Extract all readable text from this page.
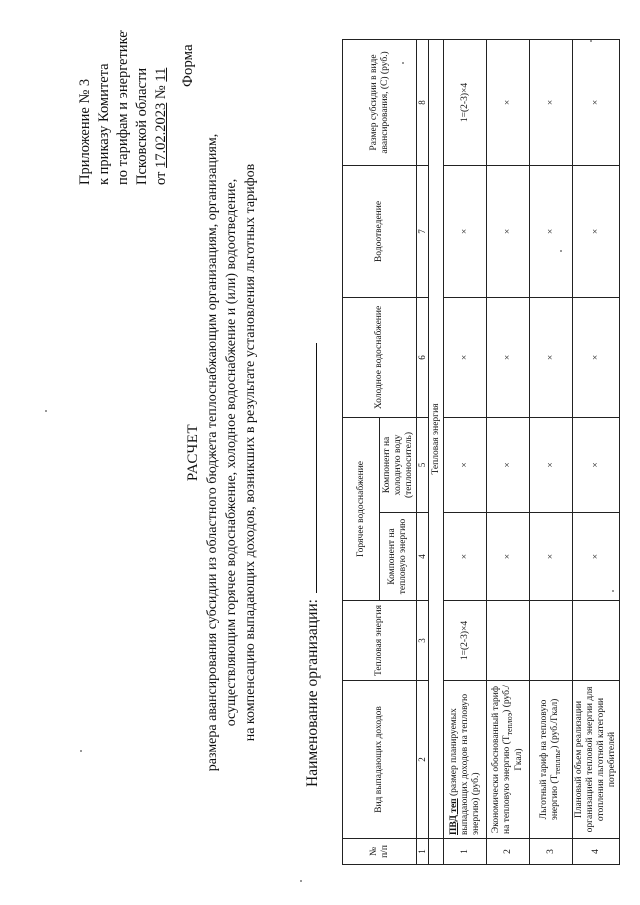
Приложение № 3 к приказу Комитета по тарифам и энергетике Псковской области от 17.02.2023 № 11 Форма
РАСЧЕТ размера авансирования субсидии из областного бюджета теплоснабжающим организациям, организациям, осуществляющим горячее водоснабжение, холодное водоснабжение и (или) водоотведение, на компенсацию выпадающих доходов, возникших в результате установления льготных тарифов	Наименование организации:
№ п/п	Вид выпадающих доходов	Тепловая энергия	Горячее водоснабжение		Холодное водоснабжение	Водоотведение	Размер субсидии в виде авансирования, (С) (руб.)
			Компонент на тепловую энергию	Компонент на холодную воду (теплоноситель)			
1	2	3	4	5	6	7	8
	Тепловая энергия						
1	ПВД теп (размер планируемых выпадающих доходов на тепловую энергию) (руб.)	1=(2-3)×4	×	×	×	×	1=(2-3)×4
2	Экономически обоснованный тариф на тепловую энергию $(Т_{теплоэ})$ (руб./Гкал)		×	×	×	×	×
3	Льготный тариф на тепловую энергию $(Т_{теплльг})$ (руб./Гкал)		×	×	×	×	×
4	Плановый объем реализации организацией тепловой энергии для отопления льготной категории потребителей		×	×	×	×	×
